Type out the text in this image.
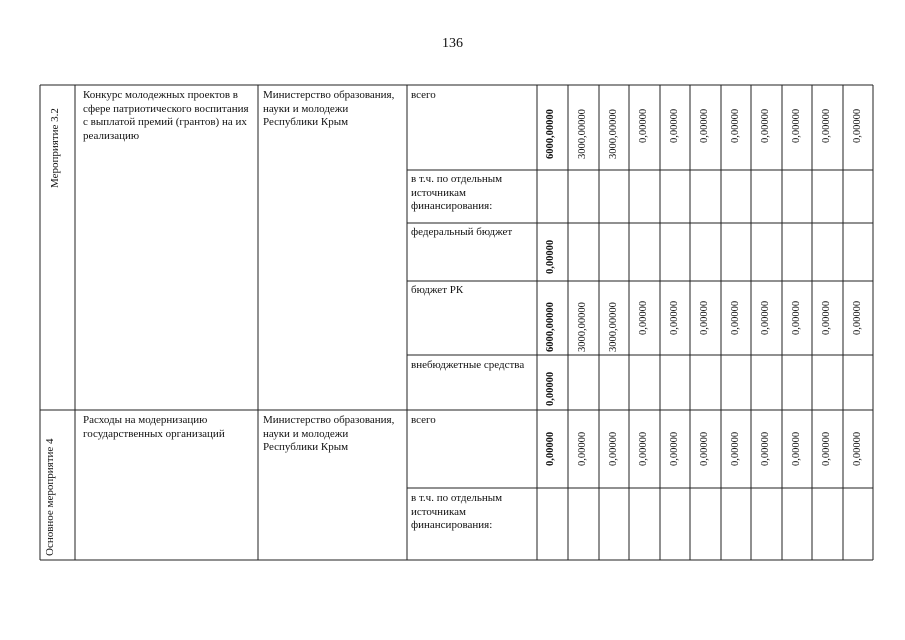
136
Мероприятие 3.2
Конкурс молодежных проектов в сфере патриотического воспитания с выплатой премий (грантов) на их реализацию
Министерство образования, науки и молодежи Республики Крым
всего
в т.ч. по отдельным источникам финансирования:
федеральный бюджет
бюджет РК
внебюджетные средства
6000,00000 3000,00000 3000,00000 0,00000 0,00000 0,00000 0,00000 0,00000 0,00000 0,00000 0,00000
0,00000
6000,00000 3000,00000 3000,00000 0,00000 0,00000 0,00000 0,00000 0,00000 0,00000 0,00000 0,00000
0,00000
Основное мероприятие 4
Расходы на модернизацию государственных организаций
Министерство образования, науки и молодежи Республики Крым
всего
в т.ч. по отдельным источникам финансирования:
0,00000 0,00000 0,00000 0,00000 0,00000 0,00000 0,00000 0,00000 0,00000 0,00000 0,00000
